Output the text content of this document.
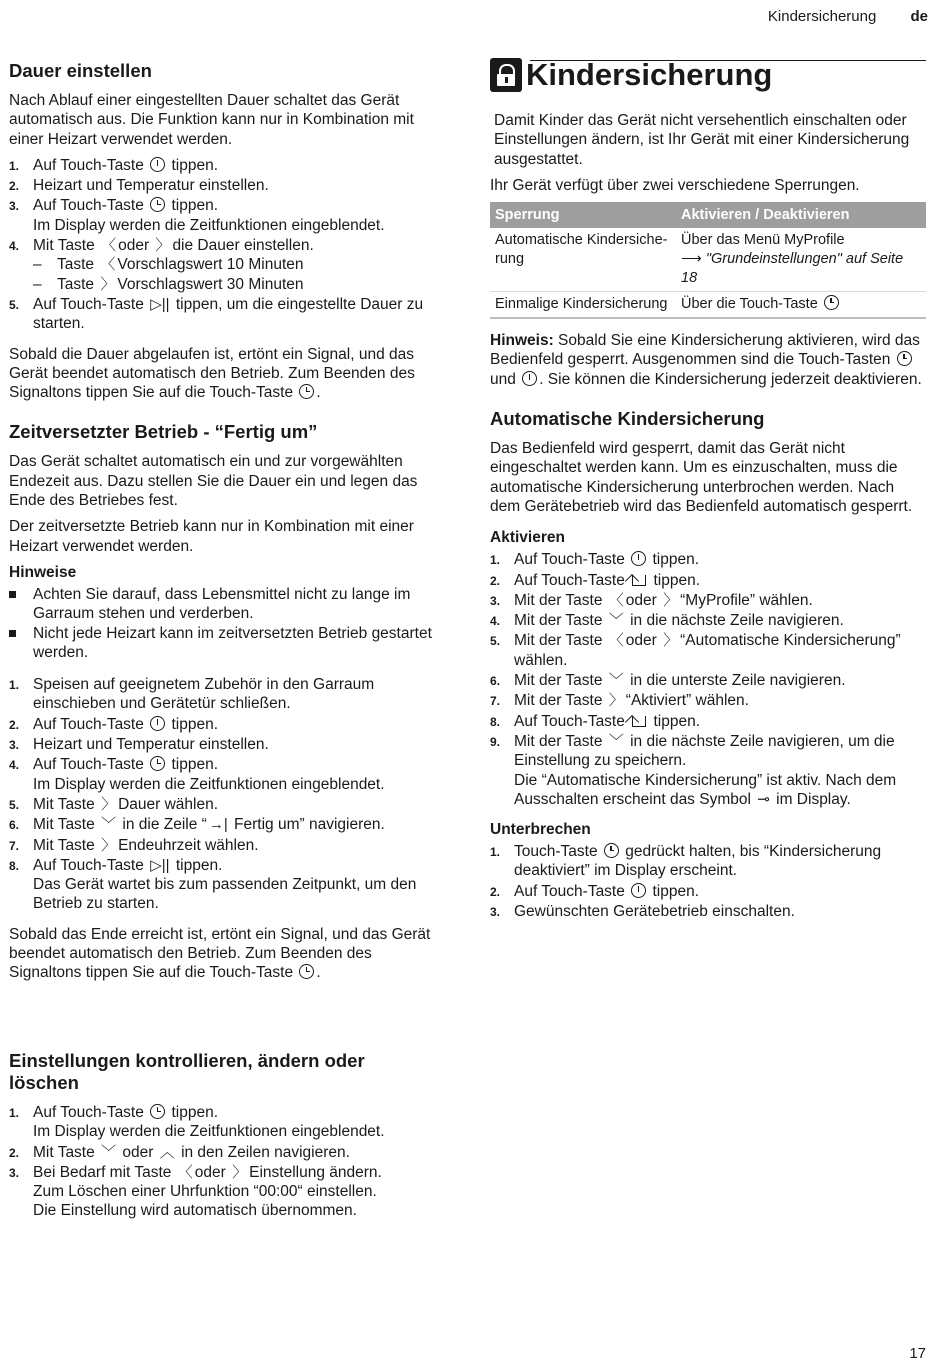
Kindersicherung de
Dauer einstellen

Nach Ablauf einer eingestellten Dauer schaltet das Gerät automatisch aus. Die Funktion kann nur in Kombination mit einer Heizart verwendet werden.

1. Auf Touch-Taste tippen.
2. Heizart und Temperatur einstellen.
3. Auf Touch-Taste tippen.
Im Display werden die Zeitfunktionen eingeblendet.
4. Mit Taste 〈 oder 〉 die Dauer einstellen.
– Taste 〈 Vorschlagswert 10 Minuten
– Taste 〉 Vorschlagswert 30 Minuten
5. Auf Touch-Taste ▷|| tippen, um die eingestellte Dauer zu starten.

Sobald die Dauer abgelaufen ist, ertönt ein Signal, und das Gerät beendet automatisch den Betrieb. Zum Beenden des Signaltons tippen Sie auf die Touch-Taste .

Zeitversetzter Betrieb - “Fertig um”

Das Gerät schaltet automatisch ein und zur vorgewählten Endezeit aus. Dazu stellen Sie die Dauer ein und legen das Ende des Betriebes fest.

Der zeitversetzte Betrieb kann nur in Kombination mit einer Heizart verwendet werden.

Hinweise
Achten Sie darauf, dass Lebensmittel nicht zu lange im Garraum stehen und verderben.
Nicht jede Heizart kann im zeitversetzten Betrieb gestartet werden.
1. Speisen auf geeignetem Zubehör in den Garraum einschieben und Gerätetür schließen.
2. Auf Touch-Taste tippen.
3. Heizart und Temperatur einstellen.
4. Auf Touch-Taste tippen.
Im Display werden die Zeitfunktionen eingeblendet.
5. Mit Taste 〉 Dauer wählen.
6. Mit Taste ﹀ in die Zeile “ →| Fertig um” navigieren.
7. Mit Taste 〉 Endeuhrzeit wählen.
8. Auf Touch-Taste ▷|| tippen.
Das Gerät wartet bis zum passenden Zeitpunkt, um den Betrieb zu starten.

Sobald das Ende erreicht ist, ertönt ein Signal, und das Gerät beendet automatisch den Betrieb. Zum Beenden des Signaltons tippen Sie auf die Touch-Taste .

Einstellungen kontrollieren, ändern oder löschen
1. Auf Touch-Taste tippen.
Im Display werden die Zeitfunktionen eingeblendet.
2. Mit Taste ﹀ oder ︿ in den Zeilen navigieren.
3. Bei Bedarf mit Taste 〈 oder 〉 Einstellung ändern.
Zum Löschen einer Uhrfunktion “00:00“ einstellen.
Die Einstellung wird automatisch übernommen.
Kindersicherung

Damit Kinder das Gerät nicht versehentlich einschalten oder Einstellungen ändern, ist Ihr Gerät mit einer Kindersicherung ausgestattet.

Ihr Gerät verfügt über zwei verschiedene Sperrungen.

Sperrung	Aktivieren / Deaktivieren
Automatische Kindersiche-rung	Über das Menü MyProfile
⟶ "Grundeinstellungen" auf Seite 18
Einmalige Kindersicherung	Über die Touch-Taste

Hinweis: Sobald Sie eine Kindersicherung aktivieren, wird das Bedienfeld gesperrt. Ausgenommen sind die Touch-Tasten  und . Sie können die Kindersicherung jederzeit deaktivieren.

Automatische Kindersicherung

Das Bedienfeld wird gesperrt, damit das Gerät nicht eingeschaltet werden kann. Um es einzuschalten, muss die automatische Kindersicherung unterbrochen werden. Nach dem Gerätebetrieb wird das Bedienfeld automatisch gesperrt.

Aktivieren
1. Auf Touch-Taste tippen.
2. Auf Touch-Taste tippen.
3. Mit der Taste 〈 oder 〉 “MyProfile” wählen.
4. Mit der Taste ﹀ in die nächste Zeile navigieren.
5. Mit der Taste 〈 oder 〉 “Automatische Kindersicherung” wählen.
6. Mit der Taste ﹀ in die unterste Zeile navigieren.
7. Mit der Taste 〉 “Aktiviert” wählen.
8. Auf Touch-Taste tippen.
9. Mit der Taste ﹀ in die nächste Zeile navigieren, um die Einstellung zu speichern.
Die “Automatische Kindersicherung” ist aktiv. Nach dem Ausschalten erscheint das Symbol ⊸ im Display.
Unterbrechen
1. Touch-Taste gedrückt halten, bis “Kindersicherung deaktiviert” im Display erscheint.
2. Auf Touch-Taste tippen.
3. Gewünschten Gerätebetrieb einschalten.
17
